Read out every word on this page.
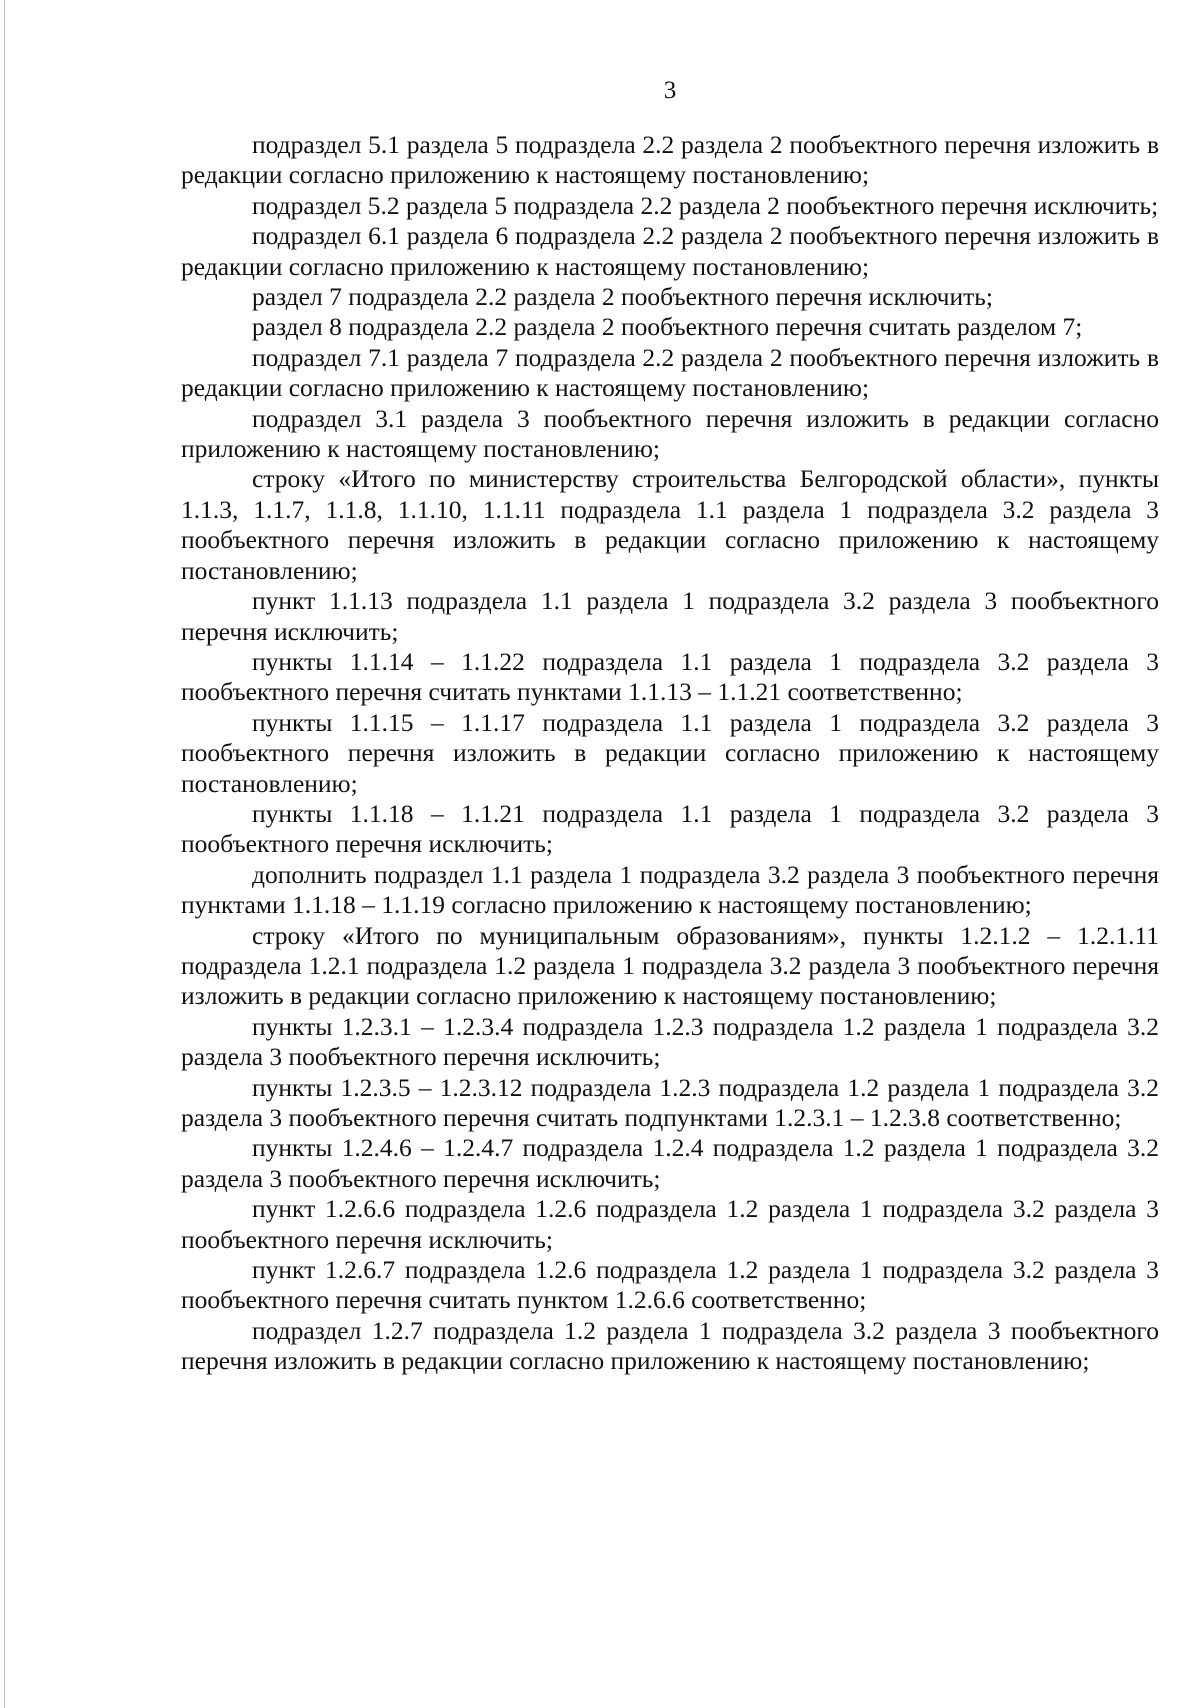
3

подраздел 5.1 раздела 5 подраздела 2.2 раздела 2 пообъектного перечня изложить в редакции согласно приложению к настоящему постановлению;

подраздел 5.2 раздела 5 подраздела 2.2 раздела 2 пообъектного перечня исключить;

подраздел 6.1 раздела 6 подраздела 2.2 раздела 2 пообъектного перечня изложить в редакции согласно приложению к настоящему постановлению;

раздел 7 подраздела 2.2 раздела 2 пообъектного перечня исключить;

раздел 8 подраздела 2.2 раздела 2 пообъектного перечня считать разделом 7;

подраздел 7.1 раздела 7 подраздела 2.2 раздела 2 пообъектного перечня изложить в редакции согласно приложению к настоящему постановлению;

подраздел 3.1 раздела 3 пообъектного перечня изложить в редакции согласно приложению к настоящему постановлению;

строку «Итого по министерству строительства Белгородской области», пункты 1.1.3, 1.1.7, 1.1.8, 1.1.10, 1.1.11 подраздела 1.1 раздела 1 подраздела 3.2 раздела 3 пообъектного перечня изложить в редакции согласно приложению к настоящему постановлению;

пункт 1.1.13 подраздела 1.1 раздела 1 подраздела 3.2 раздела 3 пообъектного перечня исключить;

пункты 1.1.14 – 1.1.22 подраздела 1.1 раздела 1 подраздела 3.2 раздела 3 пообъектного перечня считать пунктами 1.1.13 – 1.1.21 соответственно;

пункты 1.1.15 – 1.1.17 подраздела 1.1 раздела 1 подраздела 3.2 раздела 3 пообъектного перечня изложить в редакции согласно приложению к настоящему постановлению;

пункты 1.1.18 – 1.1.21 подраздела 1.1 раздела 1 подраздела 3.2 раздела 3 пообъектного перечня исключить;

дополнить подраздел 1.1 раздела 1 подраздела 3.2 раздела 3 пообъектного перечня пунктами 1.1.18 – 1.1.19 согласно приложению к настоящему постановлению;

строку «Итого по муниципальным образованиям», пункты 1.2.1.2 – 1.2.1.11 подраздела 1.2.1 подраздела 1.2 раздела 1 подраздела 3.2 раздела 3 пообъектного перечня изложить в редакции согласно приложению к настоящему постановлению;

пункты 1.2.3.1 – 1.2.3.4 подраздела 1.2.3 подраздела 1.2 раздела 1 подраздела 3.2 раздела 3 пообъектного перечня исключить;

пункты 1.2.3.5 – 1.2.3.12 подраздела 1.2.3 подраздела 1.2 раздела 1 подраздела 3.2 раздела 3 пообъектного перечня считать подпунктами 1.2.3.1 – 1.2.3.8 соответственно;

пункты 1.2.4.6 – 1.2.4.7 подраздела 1.2.4 подраздела 1.2 раздела 1 подраздела 3.2 раздела 3 пообъектного перечня исключить;

пункт 1.2.6.6 подраздела 1.2.6 подраздела 1.2 раздела 1 подраздела 3.2 раздела 3 пообъектного перечня исключить;

пункт 1.2.6.7 подраздела 1.2.6 подраздела 1.2 раздела 1 подраздела 3.2 раздела 3 пообъектного перечня считать пунктом 1.2.6.6 соответственно;

подраздел 1.2.7 подраздела 1.2 раздела 1 подраздела 3.2 раздела 3 пообъектного перечня изложить в редакции согласно приложению к настоящему постановлению;
